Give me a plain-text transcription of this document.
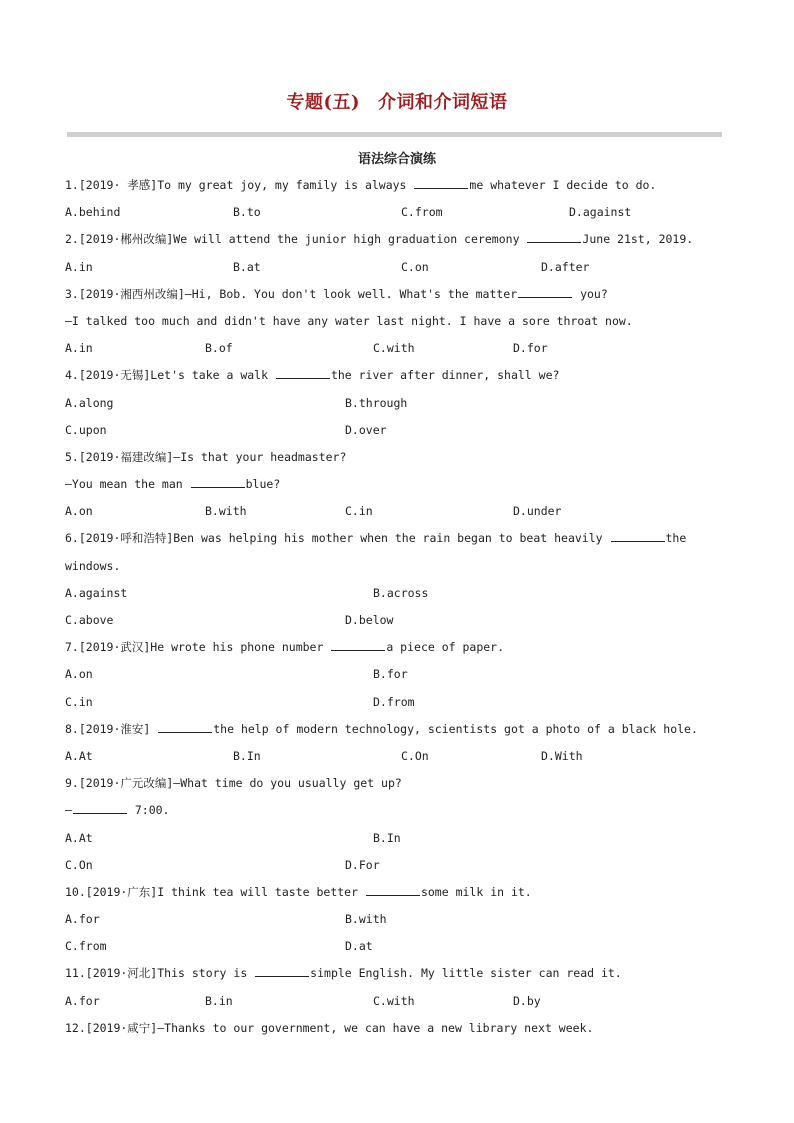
专题(五) 介词和介词短语
语法综合演练
1.[2019· 孝感]To my great joy, my family is always	me whatever I decide to do.
A.behind	B.to	C.from	D.against
2.[2019·郴州改编]We will attend the junior high graduation ceremony	June 21st, 2019.
A.in	B.at	C.on	D.after
3.[2019·湘西州改编]—Hi, Bob. You don't look well. What's the matter	you?
—I talked too much and didn't have any water last night. I have a sore throat now.
A.in	B.of	C.with	D.for
4.[2019·无锡]Let's take a walk	the river after dinner, shall we?
A.along	B.through
C.upon	D.over
5.[2019·福建改编]—Is that your headmaster?
—You mean the man	blue?
A.on	B.with	C.in	D.under
6.[2019·呼和浩特]Ben was helping his mother when the rain began to beat heavily	the
windows.
A.against	B.across
C.above	D.below
7.[2019·武汉]He wrote his phone number	a piece of paper.
A.on	B.for
C.in	D.from
8.[2019·淮安]	the help of modern technology, scientists got a photo of a black hole.
A.At	B.In	C.On	D.With
9.[2019·广元改编]—What time do you usually get up?
—	7:00.
A.At	B.In
C.On	D.For
10.[2019·广东]I think tea will taste better	some milk in it.
A.for	B.with
C.from	D.at
11.[2019·河北]This story is	simple English. My little sister can read it.
A.for	B.in	C.with	D.by
12.[2019·咸宁]—Thanks to our government, we can have a new library next week.
